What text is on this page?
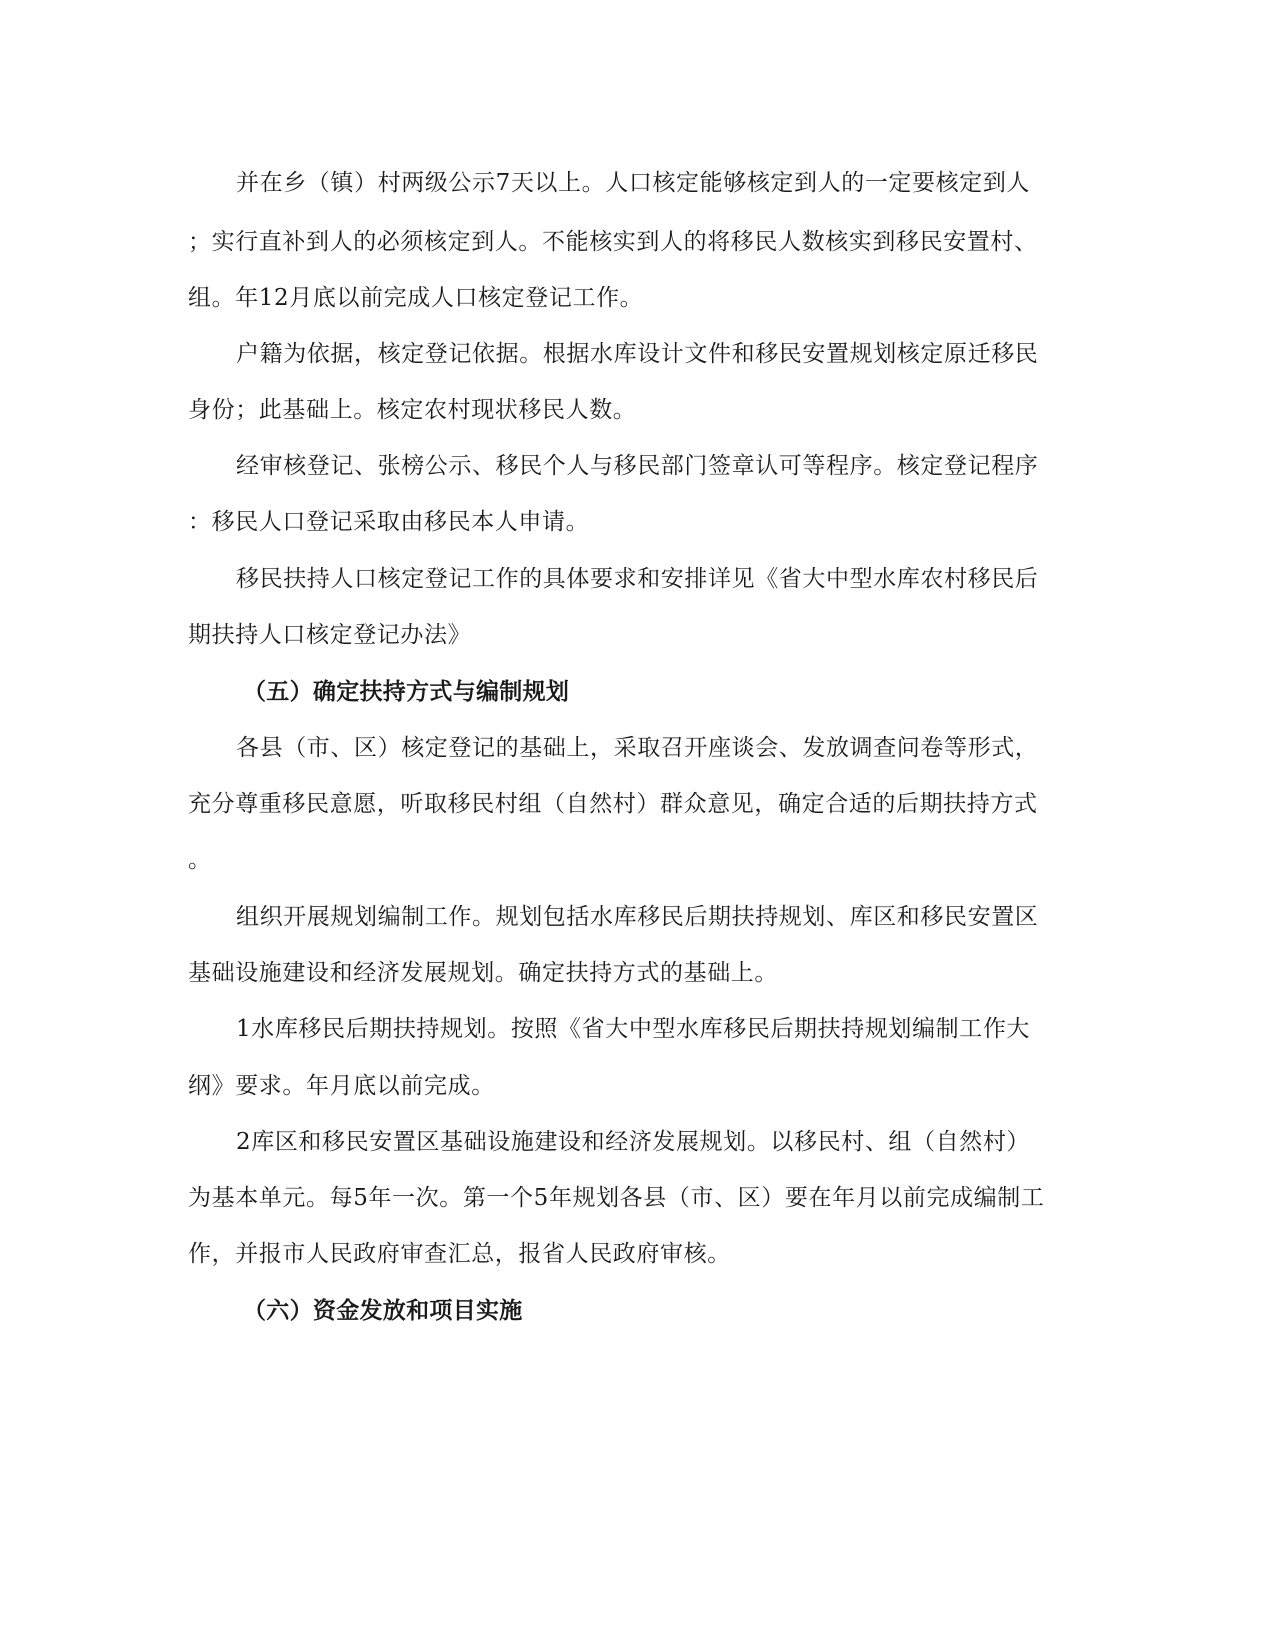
并在乡（镇）村两级公示7天以上。人口核定能够核定到人的一定要核定到人
；实行直补到人的必须核定到人。不能核实到人的将移民人数核实到移民安置村、
组。年12月底以前完成人口核定登记工作。
户籍为依据，核定登记依据。根据水库设计文件和移民安置规划核定原迁移民
身份；此基础上。核定农村现状移民人数。
经审核登记、张榜公示、移民个人与移民部门签章认可等程序。核定登记程序
：移民人口登记采取由移民本人申请。
移民扶持人口核定登记工作的具体要求和安排详见《省大中型水库农村移民后
期扶持人口核定登记办法》
（五）确定扶持方式与编制规划
各县（市、区）核定登记的基础上，采取召开座谈会、发放调查问卷等形式，
充分尊重移民意愿，听取移民村组（自然村）群众意见，确定合适的后期扶持方式
。
组织开展规划编制工作。规划包括水库移民后期扶持规划、库区和移民安置区
基础设施建设和经济发展规划。确定扶持方式的基础上。
1水库移民后期扶持规划。按照《省大中型水库移民后期扶持规划编制工作大
纲》要求。年月底以前完成。
2库区和移民安置区基础设施建设和经济发展规划。以移民村、组（自然村）
为基本单元。每5年一次。第一个5年规划各县（市、区）要在年月以前完成编制工
作，并报市人民政府审查汇总，报省人民政府审核。
（六）资金发放和项目实施
